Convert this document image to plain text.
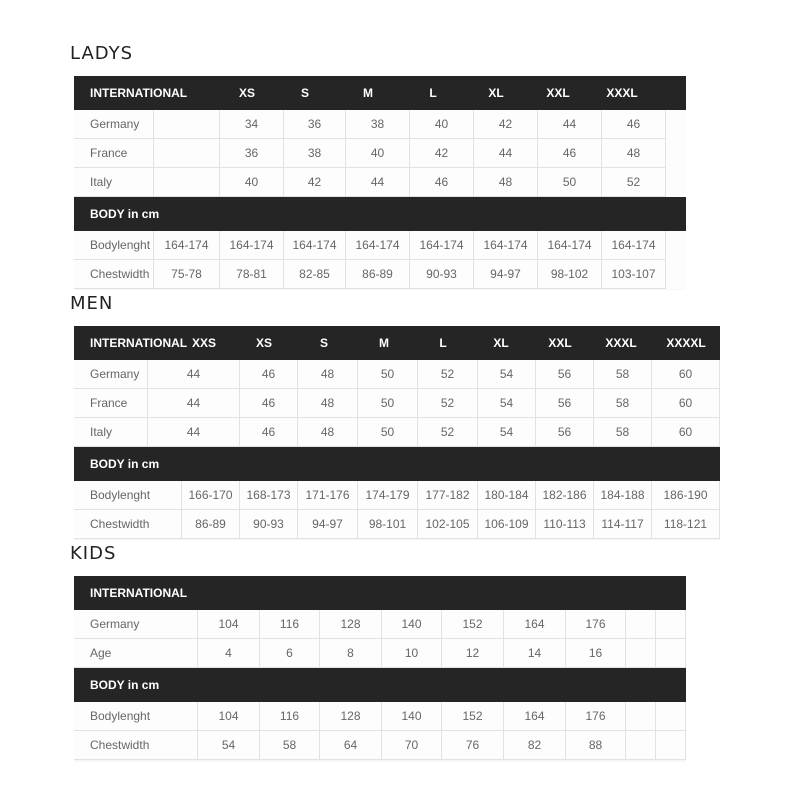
LADYS
INTERNATIONAL	XS	S	M	L	XL	XXL	XXXL
Germany	34	36	38	40	42	44	46
France	36	38	40	42	44	46	48
Italy	40	42	44	46	48	50	52
BODY in cm
Bodylenght	164-174	164-174	164-174	164-174	164-174	164-174	164-174	164-174
Chestwidth	75-78	78-81	82-85	86-89	90-93	94-97	98-102	103-107
MEN
INTERNATIONAL XXS	XS	S	M	L	XL	XXL	XXXL	XXXXL
Germany	44	46	48	50	52	54	56	58	60
France	44	46	48	50	52	54	56	58	60
Italy	44	46	48	50	52	54	56	58	60
BODY in cm
Bodylenght	166-170	168-173	171-176	174-179	177-182	180-184	182-186	184-188	186-190
Chestwidth	86-89	90-93	94-97	98-101	102-105	106-109	110-113	114-117	118-121
KIDS
INTERNATIONAL
Germany	104	116	128	140	152	164	176
Age	4	6	8	10	12	14	16
BODY in cm
Bodylenght	104	116	128	140	152	164	176
Chestwidth	54	58	64	70	76	82	88
